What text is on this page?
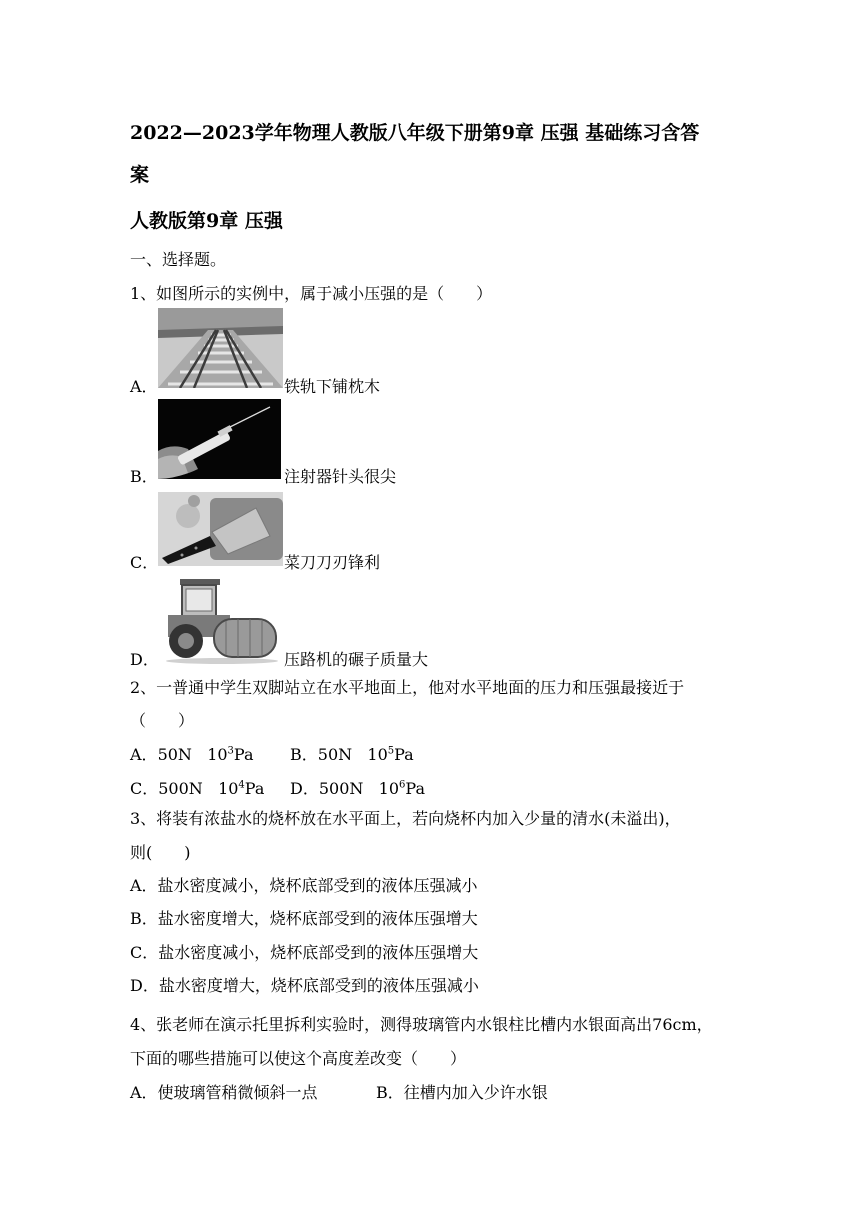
2022—2023学年物理人教版八年级下册第9章 压强 基础练习含答
案
人教版第9章 压强
一、选择题。
1、如图所示的实例中，属于减小压强的是（　　）
A．	铁轨下铺枕木
B．	注射器针头很尖
C．	菜刀刀刃锋利
D．	压路机的碾子质量大
2、一普通中学生双脚站立在水平地面上，他对水平地面的压力和压强最接近于
（　　）
A．50N $10^3Pa$ B．50N $10^5Pa$
C．500N $10^4Pa$ D．500N $10^6Pa$
3、将装有浓盐水的烧杯放在水平面上，若向烧杯内加入少量的清水(未溢出)，
则(　　)
A．盐水密度减小，烧杯底部受到的液体压强减小
B．盐水密度增大，烧杯底部受到的液体压强增大
C．盐水密度减小，烧杯底部受到的液体压强增大
D．盐水密度增大，烧杯底部受到的液体压强减小
4、张老师在演示托里拆利实验时，测得玻璃管内水银柱比槽内水银面高出76cm，
下面的哪些措施可以使这个高度差改变（　　）
A．使玻璃管稍微倾斜一点	B．往槽内加入少许水银
